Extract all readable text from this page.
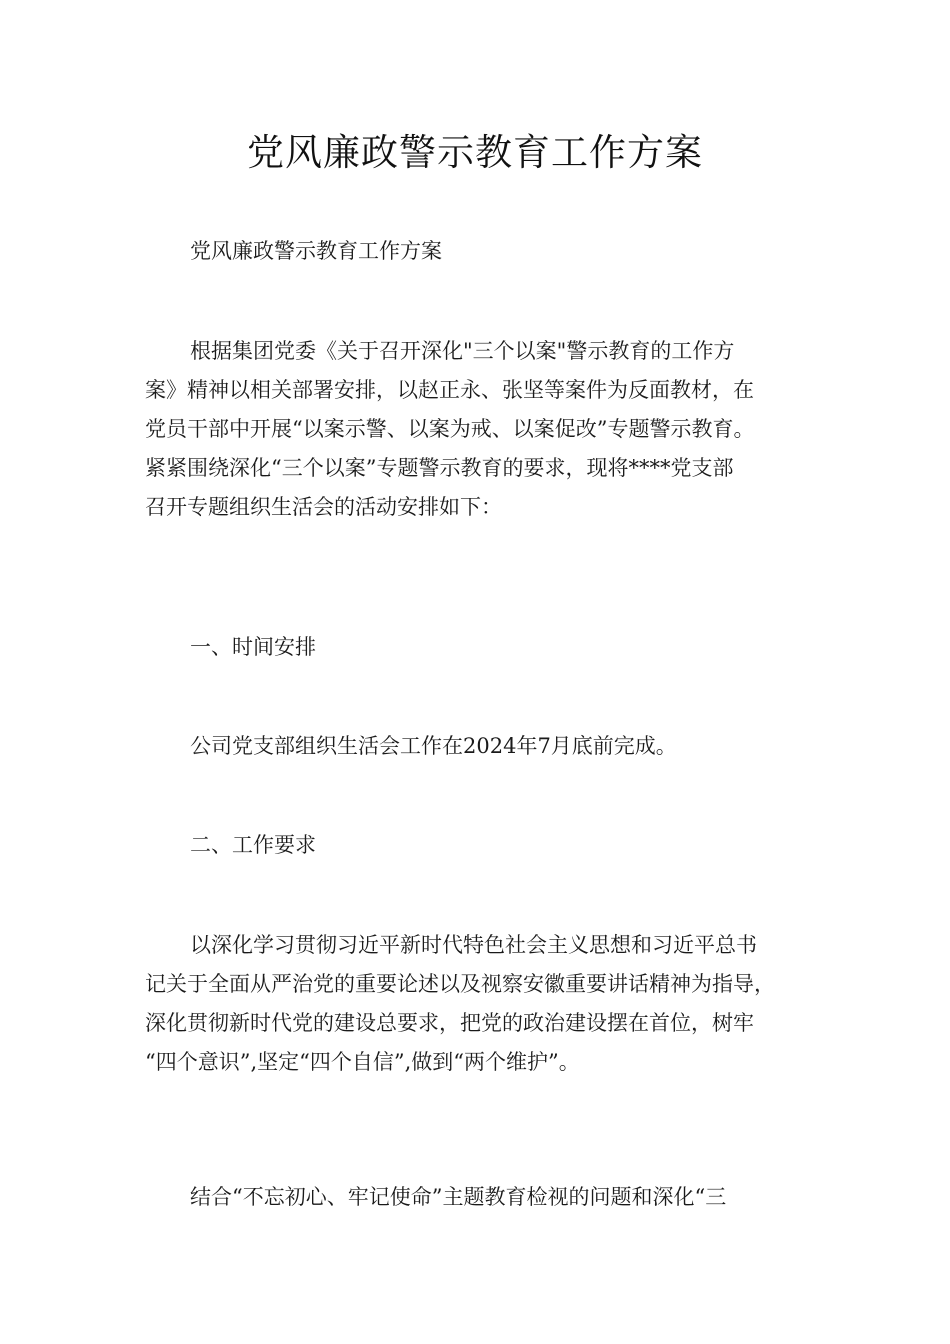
党风廉政警示教育工作方案

党风廉政警示教育工作方案

根据集团党委《关于召开深化"三个以案"警示教育的工作方
案》精神以相关部署安排，以赵正永、张坚等案件为反面教材，在
党员干部中开展“以案示警、以案为戒、以案促改”专题警示教育。
紧紧围绕深化“三个以案”专题警示教育的要求，现将****党支部
召开专题组织生活会的活动安排如下：

一、时间安排

公司党支部组织生活会工作在2024年7月底前完成。

二、工作要求

以深化学习贯彻习近平新时代特色社会主义思想和习近平总书
记关于全面从严治党的重要论述以及视察安徽重要讲话精神为指导，
深化贯彻新时代党的建设总要求，把党的政治建设摆在首位，树牢
“四个意识”,坚定“四个自信”,做到“两个维护”。

结合“不忘初心、牢记使命”主题教育检视的问题和深化“三
